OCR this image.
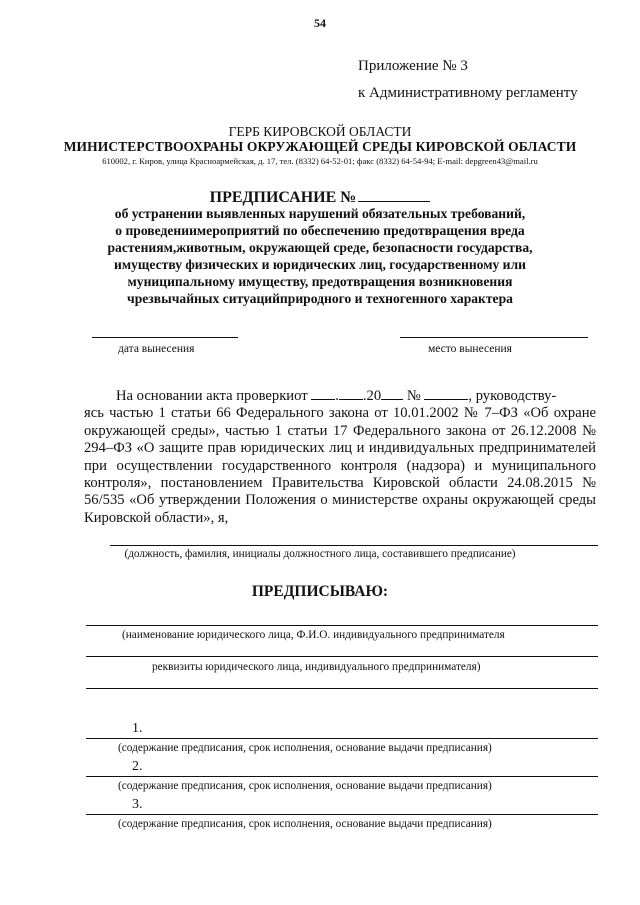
54
Приложение № 3
к Административному регламенту
ГЕРБ КИРОВСКОЙ ОБЛАСТИ
МИНИСТЕРСТВООХРАНЫ ОКРУЖАЮЩЕЙ СРЕДЫ КИРОВСКОЙ ОБЛАСТИ
610002, г. Киров, улица Красноармейская, д. 17, тел. (8332) 64-52-01; факс (8332) 64-54-94; E-mail: depgreen43@mail.ru
ПРЕДПИСАНИЕ №
об устранении выявленных нарушений обязательных требований,
о проведениимероприятий по обеспечению предотвращения вреда
растениям,животным, окружающей среде, безопасности государства,
имуществу физических и юридических лиц, государственному или
муниципальному имуществу, предотвращения возникновения
чрезвычайных ситуацийприродного и техногенного характера
дата вынесения	место вынесения

На основании акта проверкиот . .20 №	, руководству-

ясь частью 1 статьи 66 Федерального закона от 10.01.2002 № 7–ФЗ «Об охране окружающей среды», частью 1 статьи 17 Федерального закона от 26.12.2008 № 294–ФЗ «О защите прав юридических лиц и индивидуальных предпринимателей при осуществлении государственного контроля (надзора) и муниципального контроля», постановлением Правительства Кировской области 24.08.2015 № 56/535 «Об утверждении Положения о министерстве охраны окружающей среды Кировской области», я,

(должность, фамилия, инициалы должностного лица, составившего предписание)
ПРЕДПИСЫВАЮ:
(наименование юридического лица, Ф.И.О. индивидуального предпринимателя
реквизиты юридического лица, индивидуального предпринимателя)
1.
(содержание предписания, срок исполнения, основание выдачи предписания)
2.
(содержание предписания, срок исполнения, основание выдачи предписания)
3.
(содержание предписания, срок исполнения, основание выдачи предписания)
